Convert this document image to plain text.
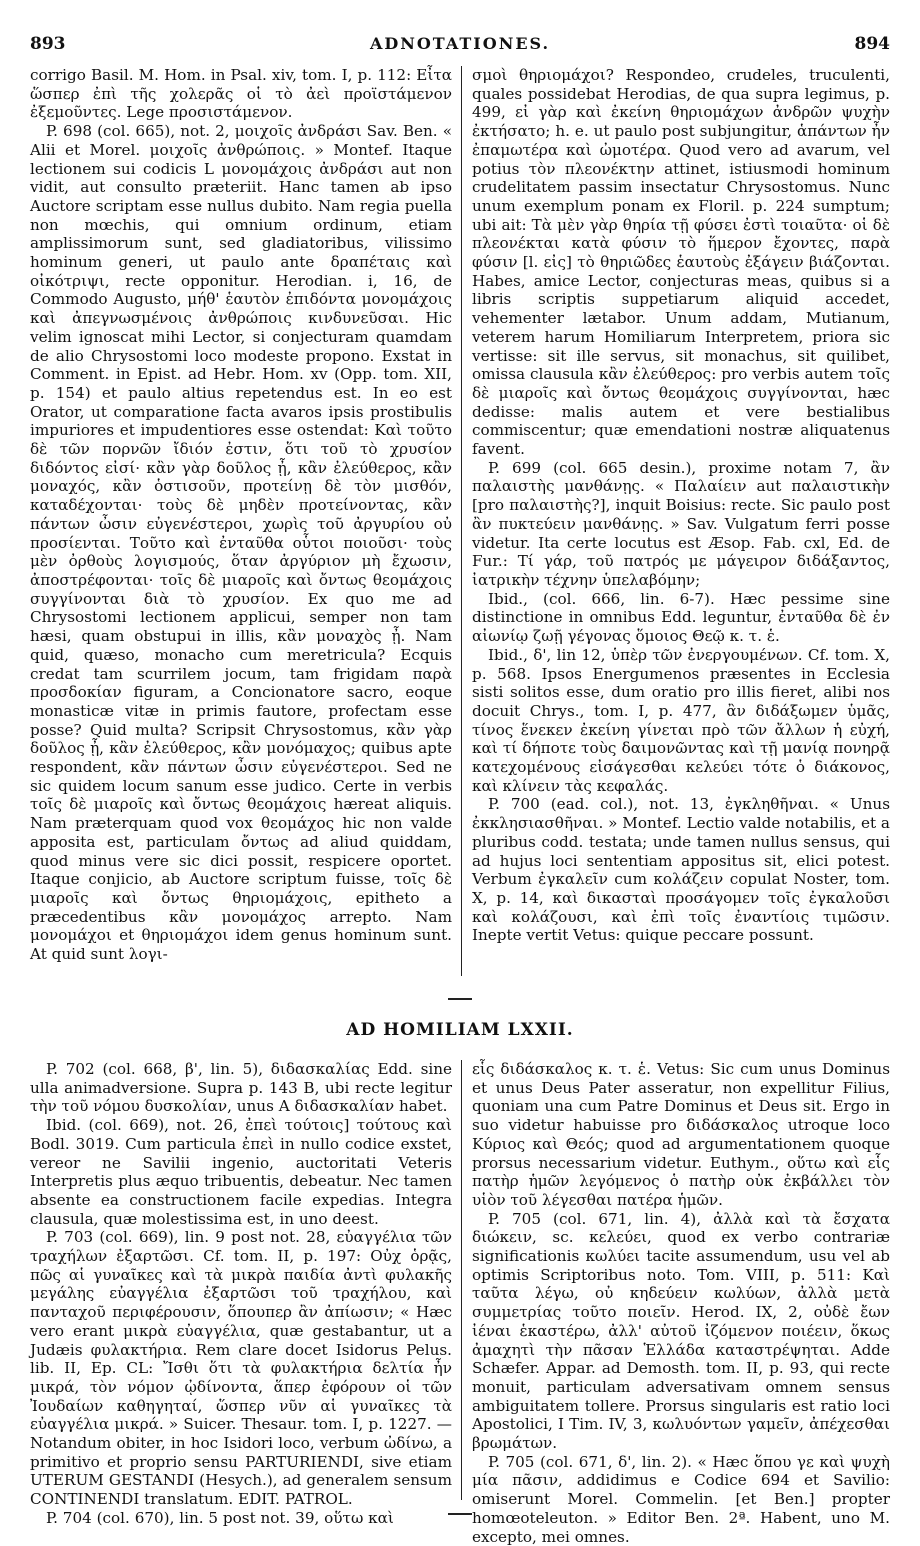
893	ADNOTATIONES.	894

corrigo Basil. M. Hom. in Psal. xiv, tom. I, p. 112: Εἶτα ὥσπερ ἐπὶ τῆς χολερᾶς οἱ τὸ ἀεὶ προϊστάμενον ἐξεμοῦντες. Lege προσιστάμενον.

P. 698 (col. 665), not. 2, μοιχοῖς ἀνδράσι Sav. Ben. « Alii et Morel. μοιχοῖς ἀνθρώποις. » Montef. Itaque lectionem sui codicis L μονομάχοις ἀνδράσι aut non vidit, aut consulto præteriit. Hanc tamen ab ipso Auctore scriptam esse nullus dubito. Nam regia puella non mœchis, qui omnium ordinum, etiam amplissimorum sunt, sed gladiatoribus, vilissimo hominum generi, ut paulo ante δραπέταις καὶ οἰκότριψι, recte opponitur. Herodian. i, 16, de Commodo Augusto, μήθ' ἑαυτὸν ἐπιδόντα μονομάχοις καὶ ἀπεγνωσμένοις ἀνθρώποις κινδυνεῦσαι. Hic velim ignoscat mihi Lector, si conjecturam quamdam de alio Chrysostomi loco modeste propono. Exstat in Comment. in Epist. ad Hebr. Hom. xv (Opp. tom. XII, p. 154) et paulo altius repetendus est. In eo est Orator, ut comparatione facta avaros ipsis prostibulis impuriores et impudentiores esse ostendat: Καὶ τοῦτο δὲ τῶν πορνῶν ἴδιόν ἐστιν, ὅτι τοῦ τὸ χρυσίον διδόντος εἰσί· κἂν γὰρ δοῦλος ᾖ, κἂν ἐλεύθερος, κἂν μοναχός, κἂν ὁστισοῦν, προτείνῃ δὲ τὸν μισθόν, καταδέχονται· τοὺς δὲ μηδὲν προτείνοντας, κἂν πάντων ὦσιν εὐγενέστεροι, χωρὶς τοῦ ἀργυρίου οὐ προσίενται. Τοῦτο καὶ ἐνταῦθα οὗτοι ποιοῦσι· τοὺς μὲν ὀρθοὺς λογισμούς, ὅταν ἀργύριον μὴ ἔχωσιν, ἀποστρέφονται· τοῖς δὲ μιαροῖς καὶ ὄντως θεομάχοις συγγίνονται διὰ τὸ χρυσίον. Ex quo me ad Chrysostomi lectionem applicui, semper non tam hæsi, quam obstupui in illis, κἂν μοναχὸς ᾖ. Nam quid, quæso, monacho cum meretricula? Ecquis credat tam scurrilem jocum, tam frigidam παρὰ προσδοκίαν figuram, a Concionatore sacro, eoque monasticæ vitæ in primis fautore, profectam esse posse? Quid multa? Scripsit Chrysostomus, κἂν γὰρ δοῦλος ᾖ, κἂν ἐλεύθερος, κἂν μονόμαχος; quibus apte respondent, κἂν πάντων ὦσιν εὐγενέστεροι. Sed ne sic quidem locum sanum esse judico. Certe in verbis τοῖς δὲ μιαροῖς καὶ ὄντως θεομάχοις hæreat aliquis. Nam præterquam quod vox θεομάχος hic non valde apposita est, particulam ὄντως ad aliud quiddam, quod minus vere sic dici possit, respicere oportet. Itaque conjicio, ab Auctore scriptum fuisse, τοῖς δὲ μιαροῖς καὶ ὄντως θηριομάχοις, epitheto a præcedentibus κἂν μονομάχος arrepto. Nam μονομάχοι et θηριομάχοι idem genus hominum sunt. At quid sunt λογι-

σμοὶ θηριομάχοι? Respondeo, crudeles, truculenti, quales possidebat Herodias, de qua supra legimus, p. 499, εἰ γὰρ καὶ ἐκείνη θηριομάχων ἀνδρῶν ψυχὴν ἐκτήσατο; h. e. ut paulo post subjungitur, ἁπάντων ἦν ἐπαμωτέρα καὶ ὠμοτέρα. Quod vero ad avarum, vel potius τὸν πλεονέκτην attinet, istiusmodi hominum crudelitatem passim insectatur Chrysostomus. Nunc unum exemplum ponam ex Floril. p. 224 sumptum; ubi ait: Τὰ μὲν γὰρ θηρία τῇ φύσει ἐστὶ τοιαῦτα· οἱ δὲ πλεονέκται κατὰ φύσιν τὸ ἥμερον ἔχοντες, παρὰ φύσιν [l. εἰς] τὸ θηριῶδες ἑαυτοὺς ἐξάγειν βιάζονται. Habes, amice Lector, conjecturas meas, quibus si a libris scriptis suppetiarum aliquid accedet, vehementer lætabor. Unum addam, Mutianum, veterem harum Homiliarum Interpretem, priora sic vertisse: sit ille servus, sit monachus, sit quilibet, omissa clausula κἂν ἐλεύθερος: pro verbis autem τοῖς δὲ μιαροῖς καὶ ὄντως θεομάχοις συγγίνονται, hæc dedisse: malis autem et vere bestialibus commiscentur; quæ emendationi nostræ aliquatenus favent.

P. 699 (col. 665 desin.), proxime notam 7, ἂν παλαιστὴς μανθάνῃς. « Παλαίειν aut παλαιστικὴν [pro παλαιστὴς?], inquit Boisius: recte. Sic paulo post ἂν πυκτεύειν μανθάνῃς. » Sav. Vulgatum ferri posse videtur. Ita certe locutus est Æsop. Fab. cxl, Ed. de Fur.: Τί γάρ, τοῦ πατρός με μάγειρον διδάξαντος, ἰατρικὴν τέχνην ὑπελαβόμην;

Ibid., (col. 666, lin. 6-7). Hæc pessime sine distinctione in omnibus Edd. leguntur, ἐνταῦθα δὲ ἐν αἰωνίῳ ζωῇ γέγονας ὅμοιος Θεῷ κ. τ. ἑ.

Ibid., δ', lin 12, ὑπὲρ τῶν ἐνεργουμένων. Cf. tom. X, p. 568. Ipsos Energumenos præsentes in Ecclesia sisti solitos esse, dum oratio pro illis fieret, alibi nos docuit Chrys., tom. I, p. 477, ἂν διδάξωμεν ὑμᾶς, τίνος ἕνεκεν ἐκείνη γίνεται πρὸ τῶν ἄλλων ἡ εὐχή, καὶ τί δήποτε τοὺς δαιμονῶντας καὶ τῇ μανίᾳ πονηρᾷ κατεχομένους εἰσάγεσθαι κελεύει τότε ὁ διάκονος, καὶ κλίνειν τὰς κεφαλάς.

P. 700 (ead. col.), not. 13, ἐγκληθῆναι. « Unus ἐκκλησιασθῆναι. » Montef. Lectio valde notabilis, et a pluribus codd. testata; unde tamen nullus sensus, qui ad hujus loci sententiam appositus sit, elici potest. Verbum ἐγκαλεῖν cum κολάζειν copulat Noster, tom. X, p. 14, καὶ δικασταὶ προσάγομεν τοῖς ἐγκαλοῦσι καὶ κολάζουσι, καὶ ἐπὶ τοῖς ἐναντίοις τιμῶσιν. Inepte vertit Vetus: quique peccare possunt.

AD HOMILIAM LXXII.

P. 702 (col. 668, β', lin. 5), διδασκαλίας Edd. sine ulla animadversione. Supra p. 143 B, ubi recte legitur τὴν τοῦ νόμου δυσκολίαν, unus A διδασκαλίαν habet.

Ibid. (col. 669), not. 26, ἐπεὶ τούτοις] τούτους καὶ Bodl. 3019. Cum particula ἐπεὶ in nullo codice exstet, vereor ne Savilii ingenio, auctoritati Veteris Interpretis plus æquo tribuentis, debeatur. Nec tamen absente ea constructionem facile expedias. Integra clausula, quæ molestissima est, in uno deest.

P. 703 (col. 669), lin. 9 post not. 28, εὐαγγέλια τῶν τραχήλων ἐξαρτῶσι. Cf. tom. II, p. 197: Οὐχ ὁρᾷς, πῶς αἱ γυναῖκες καὶ τὰ μικρὰ παιδία ἀντὶ φυλακῆς μεγάλης εὐαγγέλια ἐξαρτῶσι τοῦ τραχήλου, καὶ πανταχοῦ περιφέρουσιν, ὅπουπερ ἂν ἀπίωσιν; « Hæc vero erant μικρὰ εὐαγγέλια, quæ gestabantur, ut a Judæis φυλακτήρια. Rem clare docet Isidorus Pelus. lib. II, Ep. CL: Ἴσθι ὅτι τὰ φυλακτήρια δελτία ἦν μικρά, τὸν νόμον ᾠδίνοντα, ἅπερ ἐφόρουν οἱ τῶν Ἰουδαίων καθηγηταί, ὥσπερ νῦν αἱ γυναῖκες τὰ εὐαγγέλια μικρά. » Suicer. Thesaur. tom. I, p. 1227. — Notandum obiter, in hoc Isidori loco, verbum ὠδίνω, a primitivo et proprio sensu PARTURIENDI, sive etiam UTERUM GESTANDI (Hesych.), ad generalem sensum CONTINENDI translatum. EDIT. PATROL.

P. 704 (col. 670), lin. 5 post not. 39, οὕτω καὶ

εἷς διδάσκαλος κ. τ. ἑ. Vetus: Sic cum unus Dominus et unus Deus Pater asseratur, non expellitur Filius, quoniam una cum Patre Dominus et Deus sit. Ergo in suo videtur habuisse pro διδάσκαλος utroque loco Κύριος καὶ Θεός; quod ad argumentationem quoque prorsus necessarium videtur. Euthym., οὕτω καὶ εἷς πατὴρ ἡμῶν λεγόμενος ὁ πατὴρ οὐκ ἐκβάλλει τὸν υἱὸν τοῦ λέγεσθαι πατέρα ἡμῶν.

P. 705 (col. 671, lin. 4), ἀλλὰ καὶ τὰ ἔσχατα διώκειν, sc. κελεύει, quod ex verbo contrariæ significationis κωλύει tacite assumendum, usu vel ab optimis Scriptoribus noto. Tom. VIII, p. 511: Καὶ ταῦτα λέγω, οὐ κηδεύειν κωλύων, ἀλλὰ μετὰ συμμετρίας τοῦτο ποιεῖν. Herod. IX, 2, οὐδὲ ἔων ἰέναι ἑκαστέρω, ἀλλ' αὐτοῦ ἰζόμενον ποιέειν, ὅκως ἀμαχητὶ τὴν πᾶσαν Ἑλλάδα καταστρέψηται. Adde Schæfer. Appar. ad Demosth. tom. II, p. 93, qui recte monuit, particulam adversativam omnem sensus ambiguitatem tollere. Prorsus singularis est ratio loci Apostolici, I Tim. IV, 3, κωλυόντων γαμεῖν, ἀπέχεσθαι βρωμάτων.

P. 705 (col. 671, δ', lin. 2). « Hæc ὅπου γε καὶ ψυχὴ μία πᾶσιν, addidimus e Codice 694 et Savilio: omiserunt Morel. Commelin. [et Ben.] propter homœoteleuton. » Editor Ben. 2ª. Habent, uno M. excepto, mei omnes.
